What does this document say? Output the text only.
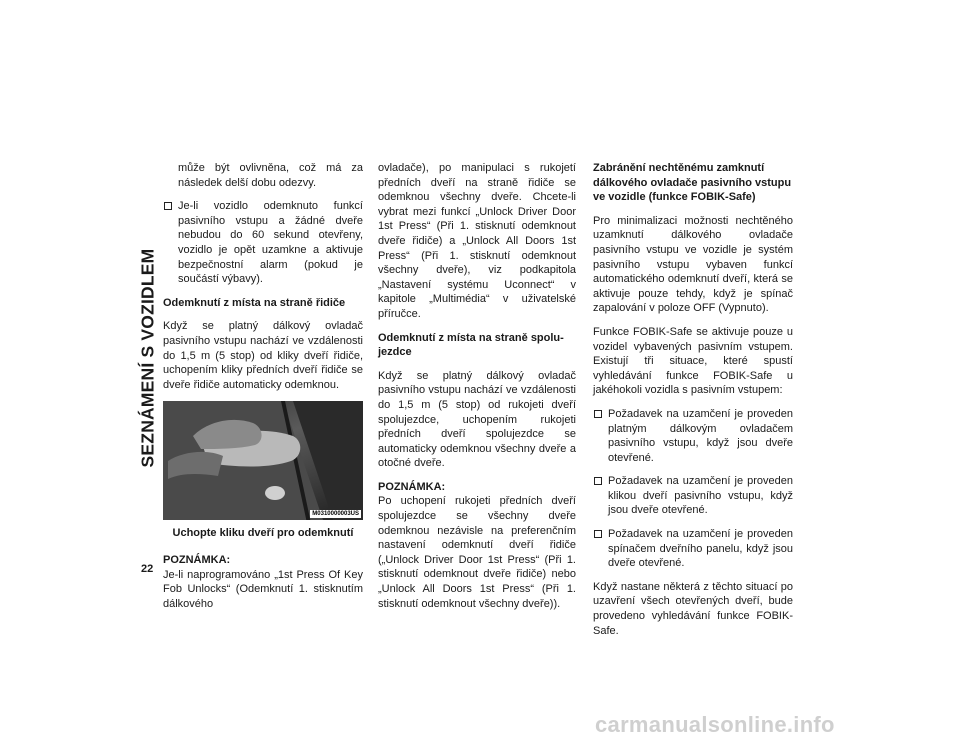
SEZNÁMENÍ S VOZIDLEM
22

může být ovlivněna, což má za následek delší dobu odezvy.

Je-li vozidlo odemknuto funkcí pasivního vstupu a žádné dveře nebudou do 60 sekund otevřeny, vozidlo je opět uzamkne a aktivuje bezpečnostní alarm (pokud je součástí výbavy).
Odemknutí z místa na straně řidiče

Když se platný dálkový ovladač pasivního vstupu nachází ve vzdálenosti do 1,5 m (5 stop) od kliky dveří řidiče, uchopením kliky předních dveří řidiče se dveře řidiče automaticky odemknou.

M0310000003US
Uchopte kliku dveří pro odemknutí
POZNÁMKA:

Je-li naprogramováno „1st Press Of Key Fob Unlocks“ (Odemknutí 1. stisknutím dálkového

ovladače), po manipulaci s rukojetí předních dveří na straně řidiče se odemknou všechny dveře. Chcete-li vybrat mezi funkcí „Unlock Driver Door 1st Press“ (Při 1. stisknutí odemknout dveře řidiče) a „Unlock All Doors 1st Press“ (Při 1. stisknutí odemknout všechny dveře), viz podkapitola „Nastavení systému Uconnect“ v kapitole „Multimédia“ v uživatelské příručce.

Odemknutí z místa na straně spolujezdce

Když se platný dálkový ovladač pasivního vstupu nachází ve vzdálenosti do 1,5 m (5 stop) od rukojeti dveří spolujezdce, uchopením rukojeti předních dveří spolujezdce se automaticky odemknou všechny dveře a otočné dveře.

POZNÁMKA:

Po uchopení rukojeti předních dveří spolujezdce se všechny dveře odemknou nezávisle na preferenčním nastavení odemknutí dveří řidiče („Unlock Driver Door 1st Press“ (Při 1. stisknutí odemknout dveře řidiče) nebo „Unlock All Doors 1st Press“ (Při 1. stisknutí odemknout všechny dveře)).

Zabránění nechtěnému zamknutí dálkového ovladače pasivního vstupu ve vozidle (funkce FOBIK-Safe)

Pro minimalizaci možnosti nechtěného uzamknutí dálkového ovladače pasivního vstupu ve vozidle je systém pasivního vstupu vybaven funkcí automatického odemknutí dveří, která se aktivuje pouze tehdy, když je spínač zapalování v poloze OFF (Vypnuto).

Funkce FOBIK-Safe se aktivuje pouze u vozidel vybavených pasivním vstupem. Existují tři situace, které spustí vyhledávání funkce FOBIK-Safe u jakéhokoli vozidla s pasivním vstupem:

Požadavek na uzamčení je proveden platným dálkovým ovladačem pasivního vstupu, když jsou dveře otevřené.
Požadavek na uzamčení je proveden klikou dveří pasivního vstupu, když jsou dveře otevřené.
Požadavek na uzamčení je proveden spínačem dveřního panelu, když jsou dveře otevřené.

Když nastane některá z těchto situací po uzavření všech otevřených dveří, bude provedeno vyhledávání funkce FOBIK-Safe.

carmanualsonline.info
